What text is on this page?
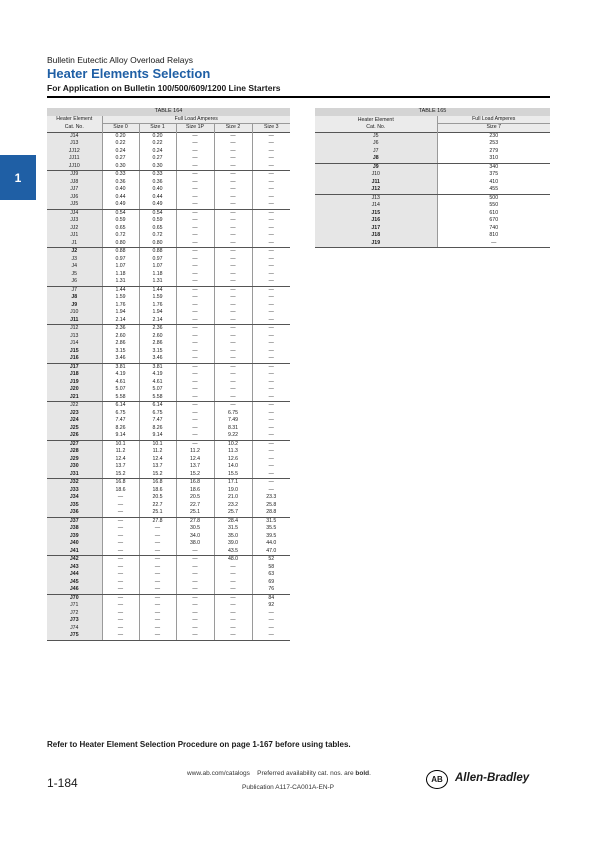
Bulletin Eutectic Alloy Overload Relays
Heater Elements Selection
For Application on Bulletin 100/500/609/1200 Line Starters
1
TABLE 164					
Heater Element	Full Load Amperes				
Cat. No.	Size 0	Size 1	Size 1P	Size 2	Size 3
J14	0.20	0.20	—	—	—
J13	0.22	0.22	—	—	—
JJ12	0.24	0.24	—	—	—
JJ11	0.27	0.27	—	—	—
JJ10	0.30	0.30	—	—	—
JJ9	0.33	0.33	—	—	—
JJ8	0.36	0.36	—	—	—
JJ7	0.40	0.40	—	—	—
JJ6	0.44	0.44	—	—	—
JJ5	0.49	0.49	—	—	—
JJ4	0.54	0.54	—	—	—
JJ3	0.59	0.59	—	—	—
JJ2	0.65	0.65	—	—	—
JJ1	0.72	0.72	—	—	—
J1	0.80	0.80	—	—	—
J2	0.88	0.88	—	—	—
J3	0.97	0.97	—	—	—
J4	1.07	1.07	—	—	—
J5	1.18	1.18	—	—	—
J6	1.31	1.31	—	—	—
J7	1.44	1.44	—	—	—
J8	1.59	1.59	—	—	—
J9	1.76	1.76	—	—	—
J10	1.94	1.94	—	—	—
J11	2.14	2.14	—	—	—
J12	2.36	2.36	—	—	—
J13	2.60	2.60	—	—	—
J14	2.86	2.86	—	—	—
J15	3.15	3.15	—	—	—
J16	3.46	3.46	—	—	—
J17	3.81	3.81	—	—	—
J18	4.19	4.19	—	—	—
J19	4.61	4.61	—	—	—
J20	5.07	5.07	—	—	—
J21	5.58	5.58	—	—	—
J22	6.14	6.14	—	—	—
J23	6.75	6.75	—	6.75	—
J24	7.47	7.47	—	7.49	—
J25	8.26	8.26	—	8.31	—
J26	9.14	9.14	—	9.22	—
J27	10.1	10.1	—	10.2	—
J28	11.2	11.2	11.2	11.3	—
J29	12.4	12.4	12.4	12.6	—
J30	13.7	13.7	13.7	14.0	—
J31	15.2	15.2	15.2	15.5	—
J32	16.8	16.8	16.8	17.1	—
J33	18.6	18.6	18.6	19.0	—
J34	—	20.5	20.5	21.0	23.3
J35	—	22.7	22.7	23.2	25.8
J36	—	25.1	25.1	25.7	28.8
J37	—	27.8	27.8	28.4	31.5
J38	—	—	30.5	31.5	35.5
J39	—	—	34.0	35.0	39.5
J40	—	—	38.0	39.0	44.0
J41	—	—	—	43.5	47.0
J42	—	—	—	48.0	52
J43	—	—	—	—	58
J44	—	—	—	—	63
J45	—	—	—	—	69
J46	—	—	—	—	76
J70	—	—	—	—	84
J71	—	—	—	—	92
J72	—	—	—	—	—
J73	—	—	—	—	—
J74	—	—	—	—	—
J75	—	—	—	—	—
TABLE 165	
Heater Element
Cat. No.	Full Load Amperes
	Size 7
J5	230
J6	253
J7	279
J8	310
J9	340
J10	375
J11	410
J12	455
J13	500
J14	550
J15	610
J16	670
J17	740
J18	810
J19	—
Refer to Heater Element Selection Procedure on page 1-167 before using tables.
1-184
www.ab.com/catalogs Preferred availability cat. nos. are bold.
Publication A117-CA001A-EN-P
AB	Allen-Bradley
